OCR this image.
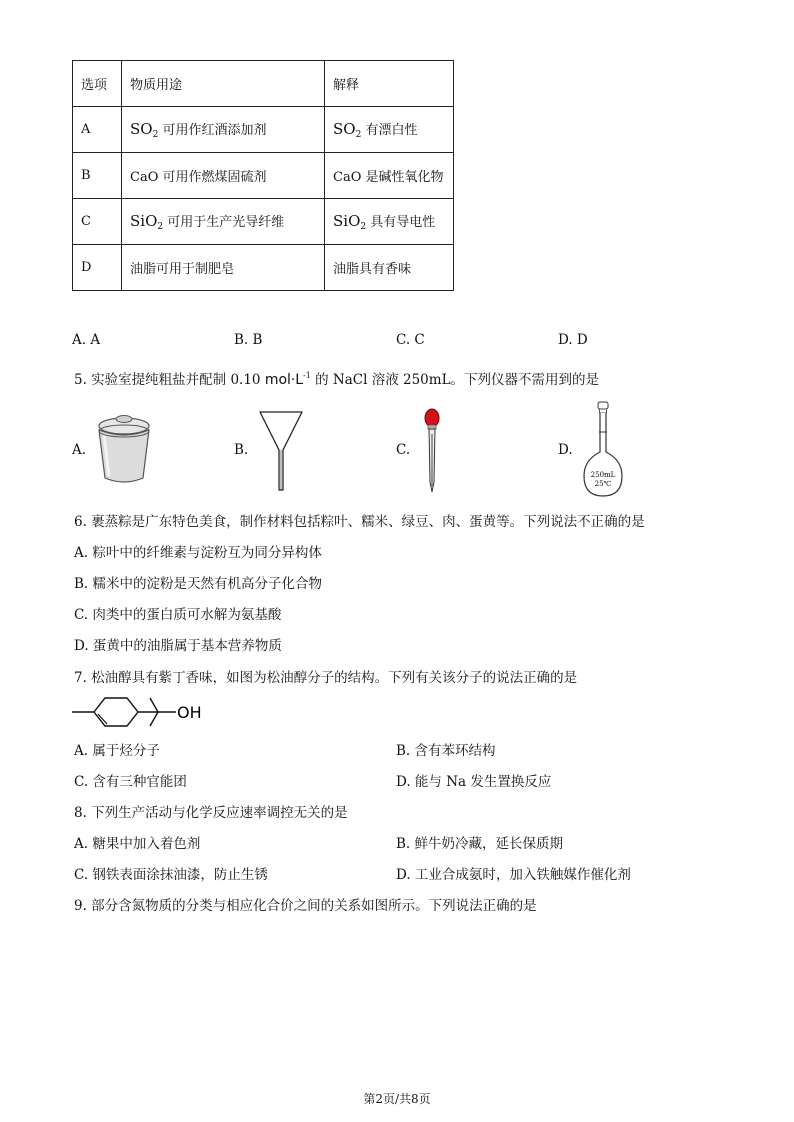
选项	物质用途	解释
A	$SO_2$ 可用作红酒添加剂	$SO_2$ 有漂白性
B	CaO 可用作燃煤固硫剂	CaO 是碱性氧化物
C	SiO$_2$ 可用于生产光导纤维	SiO$_2$ 具有导电性
D	油脂可用于制肥皂	油脂具有香味
A. A	B. B	C. C	D. D
5. 实验室提纯粗盐并配制 0.10 $mol\cdot L^{-1}$ 的 NaCl 溶液 250mL。下列仪器不需用到的是
A.	B.	C.	D.
250mL
25℃
6. 裹蒸粽是广东特色美食，制作材料包括粽叶、糯米、绿豆、肉、蛋黄等。下列说法不正确的是
A. 粽叶中的纤维素与淀粉互为同分异构体
B. 糯米中的淀粉是天然有机高分子化合物
C. 肉类中的蛋白质可水解为氨基酸
D. 蛋黄中的油脂属于基本营养物质
7. 松油醇具有紫丁香味，如图为松油醇分子的结构。下列有关该分子的说法正确的是
OH
A. 属于烃分子	B. 含有苯环结构
C. 含有三种官能团	D. 能与 Na 发生置换反应
8. 下列生产活动与化学反应速率调控无关的是
A. 糖果中加入着色剂	B. 鲜牛奶冷藏，延长保质期
C. 钢铁表面涂抹油漆，防止生锈	D. 工业合成氨时，加入铁触媒作催化剂
9. 部分含氮物质的分类与相应化合价之间的关系如图所示。下列说法正确的是
第2页/共8页
